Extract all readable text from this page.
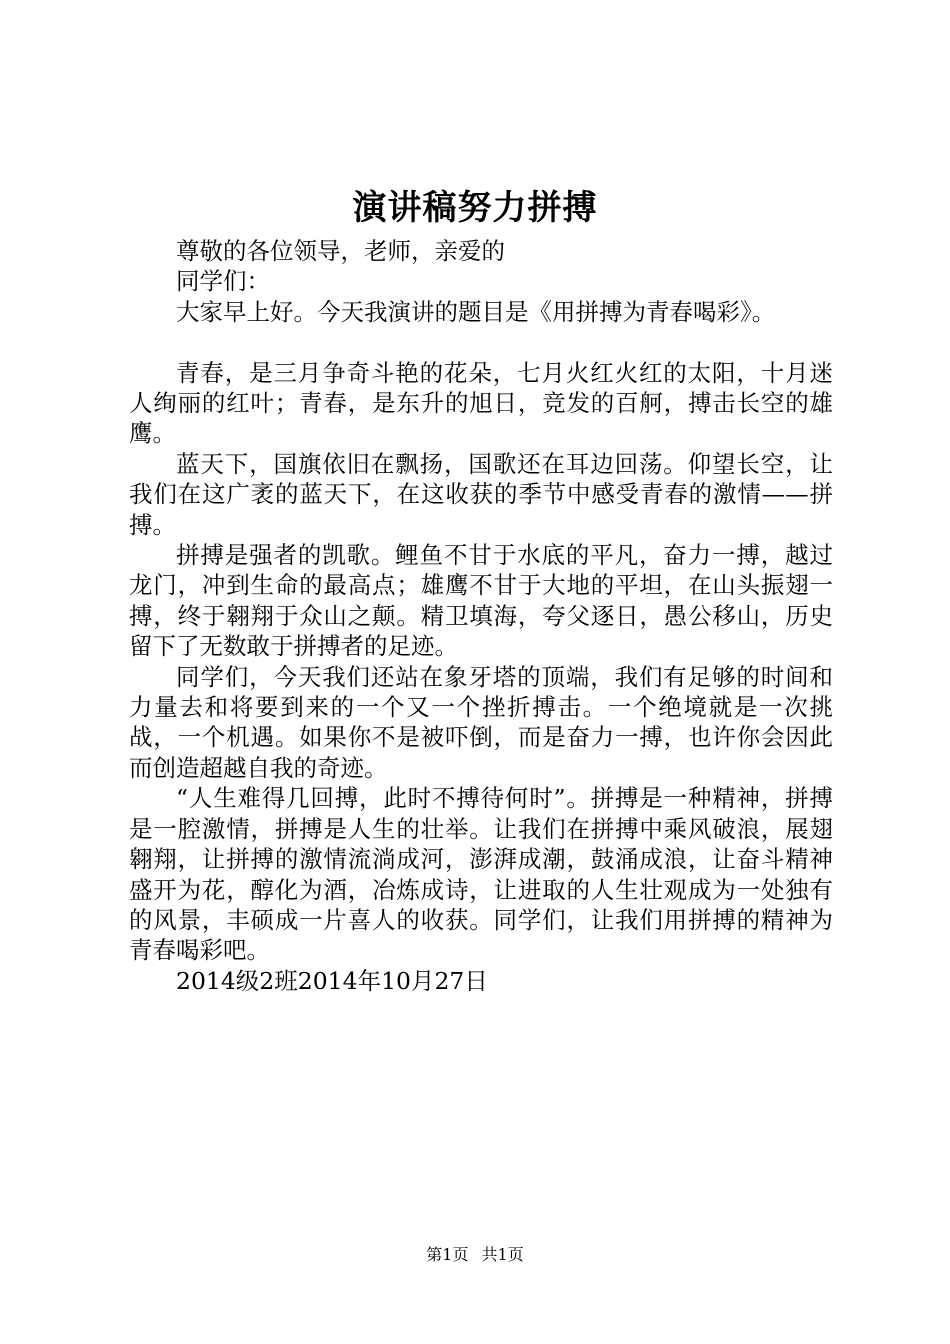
演讲稿努力拼搏

尊敬的各位领导，老师，亲爱的

同学们：

大家早上好。今天我演讲的题目是《用拼搏为青春喝彩》。

青春，是三月争奇斗艳的花朵，七月火红火红的太阳，十月迷人绚丽的红叶；青春，是东升的旭日，竞发的百舸，搏击长空的雄鹰。

蓝天下，国旗依旧在飘扬，国歌还在耳边回荡。仰望长空，让我们在这广袤的蓝天下，在这收获的季节中感受青春的激情——拼搏。

拼搏是强者的凯歌。鲤鱼不甘于水底的平凡，奋力一搏，越过龙门，冲到生命的最高点；雄鹰不甘于大地的平坦，在山头振翅一搏，终于翱翔于众山之颠。精卫填海，夸父逐日，愚公移山，历史留下了无数敢于拼搏者的足迹。

同学们，今天我们还站在象牙塔的顶端，我们有足够的时间和力量去和将要到来的一个又一个挫折搏击。一个绝境就是一次挑战，一个机遇。如果你不是被吓倒，而是奋力一搏，也许你会因此而创造超越自我的奇迹。

“人生难得几回搏，此时不搏待何时”。拼搏是一种精神，拼搏是一腔激情，拼搏是人生的壮举。让我们在拼搏中乘风破浪，展翅翱翔，让拼搏的激情流淌成河，澎湃成潮，鼓涌成浪，让奋斗精神盛开为花，醇化为酒，冶炼成诗，让进取的人生壮观成为一处独有的风景，丰硕成一片喜人的收获。同学们，让我们用拼搏的精神为青春喝彩吧。

2014级2班2014年10月27日

第1页 共1页
